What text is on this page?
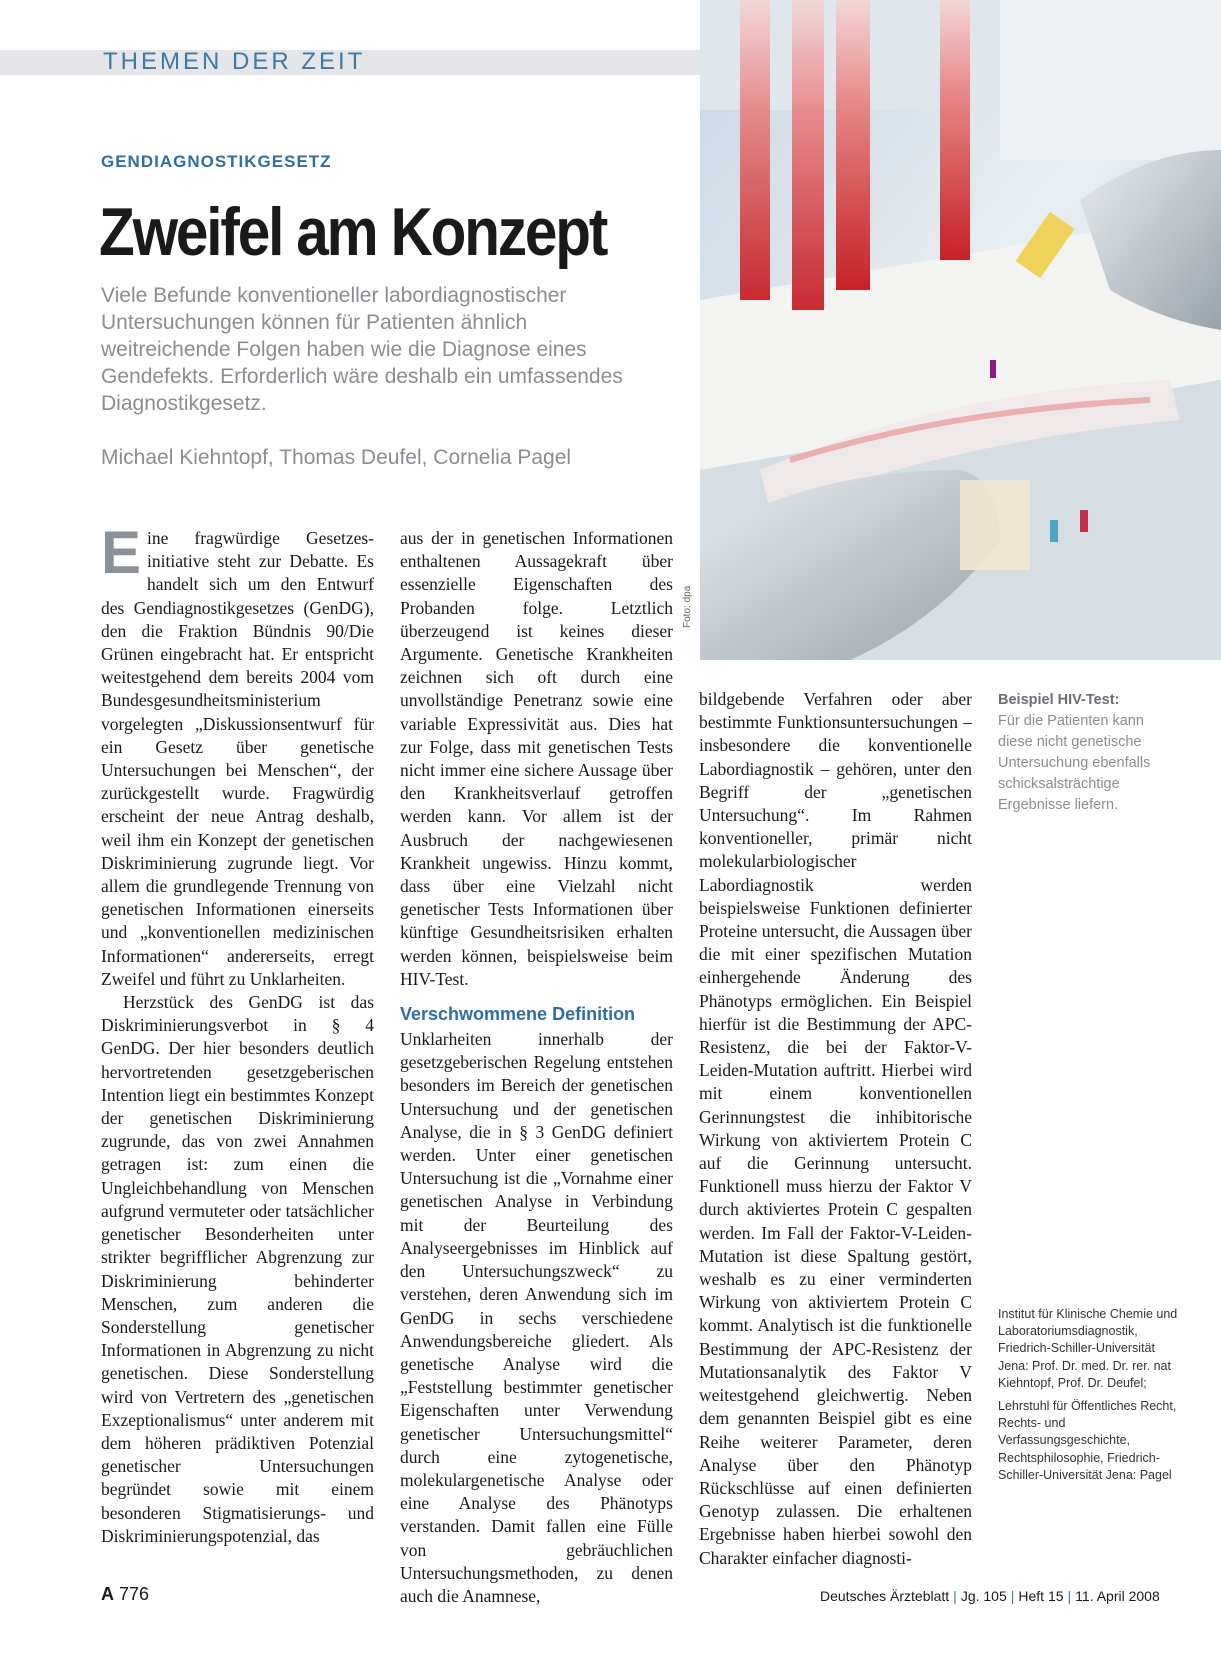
THEMEN DER ZEIT
GENDIAGNOSTIKGESETZ
Zweifel am Konzept
Viele Befunde konventioneller labordiagnostischer Untersuchungen können für Patienten ähnlich weitreichende Folgen haben wie die Diagnose eines Gendefekts. Erforderlich wäre deshalb ein umfassendes Diagnostikgesetz.
Michael Kiehntopf, Thomas Deufel, Cornelia Pagel
Foto: dpa

Eine fragwürdige Gesetzes-initiative steht zur Debatte. Es handelt sich um den Entwurf des Gendiagnostikgesetzes (GenDG), den die Fraktion Bündnis 90/Die Grünen eingebracht hat. Er entspricht weitestgehend dem bereits 2004 vom Bundesgesundheitsministerium vorgelegten „Diskussionsentwurf für ein Gesetz über genetische Untersuchungen bei Menschen“, der zurückgestellt wurde. Fragwürdig erscheint der neue Antrag deshalb, weil ihm ein Konzept der genetischen Diskriminierung zugrunde liegt. Vor allem die grundlegende Trennung von genetischen Informationen einerseits und „konventionellen medizinischen Informationen“ andererseits, erregt Zweifel und führt zu Unklarheiten.

Herzstück des GenDG ist das Diskriminierungsverbot in § 4 GenDG. Der hier besonders deutlich hervortretenden gesetzgeberischen Intention liegt ein bestimmtes Konzept der genetischen Diskriminierung zugrunde, das von zwei Annahmen getragen ist: zum einen die Ungleichbehandlung von Menschen aufgrund vermuteter oder tatsächlicher genetischer Besonderheiten unter strikter begrifflicher Abgrenzung zur Diskriminierung behinderter Menschen, zum anderen die Sonderstellung genetischer Informationen in Abgrenzung zu nicht genetischen. Diese Sonderstellung wird von Vertretern des „genetischen Exzeptionalismus“ unter anderem mit dem höheren prädiktiven Potenzial genetischer Untersuchungen begründet sowie mit einem besonderen Stigmatisierungs- und Diskriminierungspotenzial, das

aus der in genetischen Informationen enthaltenen Aussagekraft über essenzielle Eigenschaften des Probanden folge. Letztlich überzeugend ist keines dieser Argumente. Genetische Krankheiten zeichnen sich oft durch eine unvollständige Penetranz sowie eine variable Expressivität aus. Dies hat zur Folge, dass mit genetischen Tests nicht immer eine sichere Aussage über den Krankheitsverlauf getroffen werden kann. Vor allem ist der Ausbruch der nachgewiesenen Krankheit ungewiss. Hinzu kommt, dass über eine Vielzahl nicht genetischer Tests Informationen über künftige Gesundheitsrisiken erhalten werden können, beispielsweise beim HIV-Test.

Verschwommene Definition

Unklarheiten innerhalb der gesetzgeberischen Regelung entstehen besonders im Bereich der genetischen Untersuchung und der genetischen Analyse, die in § 3 GenDG definiert werden. Unter einer genetischen Untersuchung ist die „Vornahme einer genetischen Analyse in Verbindung mit der Beurteilung des Analyseergebnisses im Hinblick auf den Untersuchungszweck“ zu verstehen, deren Anwendung sich im GenDG in sechs verschiedene Anwendungsbereiche gliedert. Als genetische Analyse wird die „Feststellung bestimmter genetischer Eigenschaften unter Verwendung genetischer Untersuchungsmittel“ durch eine zytogenetische, molekulargenetische Analyse oder eine Analyse des Phänotyps verstanden. Damit fallen eine Fülle von gebräuchlichen Untersuchungsmethoden, zu denen auch die Anamnese,

bildgebende Verfahren oder aber bestimmte Funktionsuntersuchungen – insbesondere die konventionelle Labordiagnostik – gehören, unter den Begriff der „genetischen Untersuchung“. Im Rahmen konventioneller, primär nicht molekularbiologischer Labordiagnostik werden beispielsweise Funktionen definierter Proteine untersucht, die Aussagen über die mit einer spezifischen Mutation einhergehende Änderung des Phänotyps ermöglichen. Ein Beispiel hierfür ist die Bestimmung der APC-Resistenz, die bei der Faktor-V-Leiden-Mutation auftritt. Hierbei wird mit einem konventionellen Gerinnungstest die inhibitorische Wirkung von aktiviertem Protein C auf die Gerinnung untersucht. Funktionell muss hierzu der Faktor V durch aktiviertes Protein C gespalten werden. Im Fall der Faktor-V-Leiden-Mutation ist diese Spaltung gestört, weshalb es zu einer verminderten Wirkung von aktiviertem Protein C kommt. Analytisch ist die funktionelle Bestimmung der APC-Resistenz der Mutationsanalytik des Faktor V weitestgehend gleichwertig. Neben dem genannten Beispiel gibt es eine Reihe weiterer Parameter, deren Analyse über den Phänotyp Rückschlüsse auf einen definierten Genotyp zulassen. Die erhaltenen Ergebnisse haben hierbei sowohl den Charakter einfacher diagnosti-

Beispiel HIV-Test:
Für die Patienten kann diese nicht genetische Untersuchung ebenfalls schicksalsträchtige Ergebnisse liefern.

Institut für Klinische Chemie und Laboratoriumsdiagnostik, Friedrich-Schiller-Universität Jena: Prof. Dr. med. Dr. rer. nat Kiehntopf, Prof. Dr. Deufel;

Lehrstuhl für Öffentliches Recht, Rechts- und Verfassungsgeschichte, Rechtsphilosophie, Friedrich-Schiller-Universität Jena: Pagel

A 776	Deutsches Ärzteblatt | Jg. 105 | Heft 15 | 11. April 2008
